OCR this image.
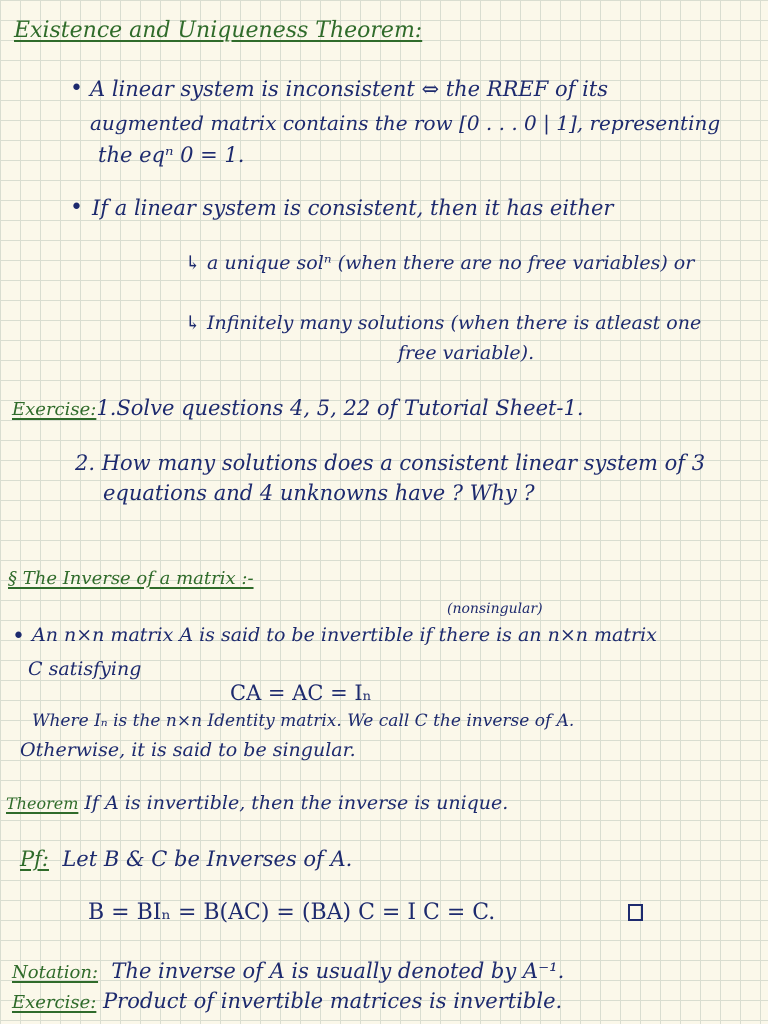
Existence and Uniqueness Theorem:
• A linear system is inconsistent ⇔ the RREF of its
augmented matrix contains the row [0 . . . 0 | 1], representing
the eqⁿ 0 = 1.
• If a linear system is consistent, then it has either
↳ a unique solⁿ (when there are no free variables) or
↳ Infinitely many solutions (when there is atleast one
free variable).
Exercise:1.Solve questions 4, 5, 22 of Tutorial Sheet-1.
2. How many solutions does a consistent linear system of 3
equations and 4 unknowns have ? Why ?
§ The Inverse of a matrix :-
(nonsingular)
• An n×n matrix A is said to be invertible if there is an n×n matrix
C satisfying
CA = AC = Iₙ
Where Iₙ is the n×n Identity matrix. We call C the inverse of A.
Otherwise, it is said to be singular.
Theorem If A is invertible, then the inverse is unique.
Pf: Let B & C be Inverses of A.
B = BIₙ = B(AC) = (BA) C = I C = C.
Notation: The inverse of A is usually denoted by A⁻¹.
Exercise: Product of invertible matrices is invertible.
